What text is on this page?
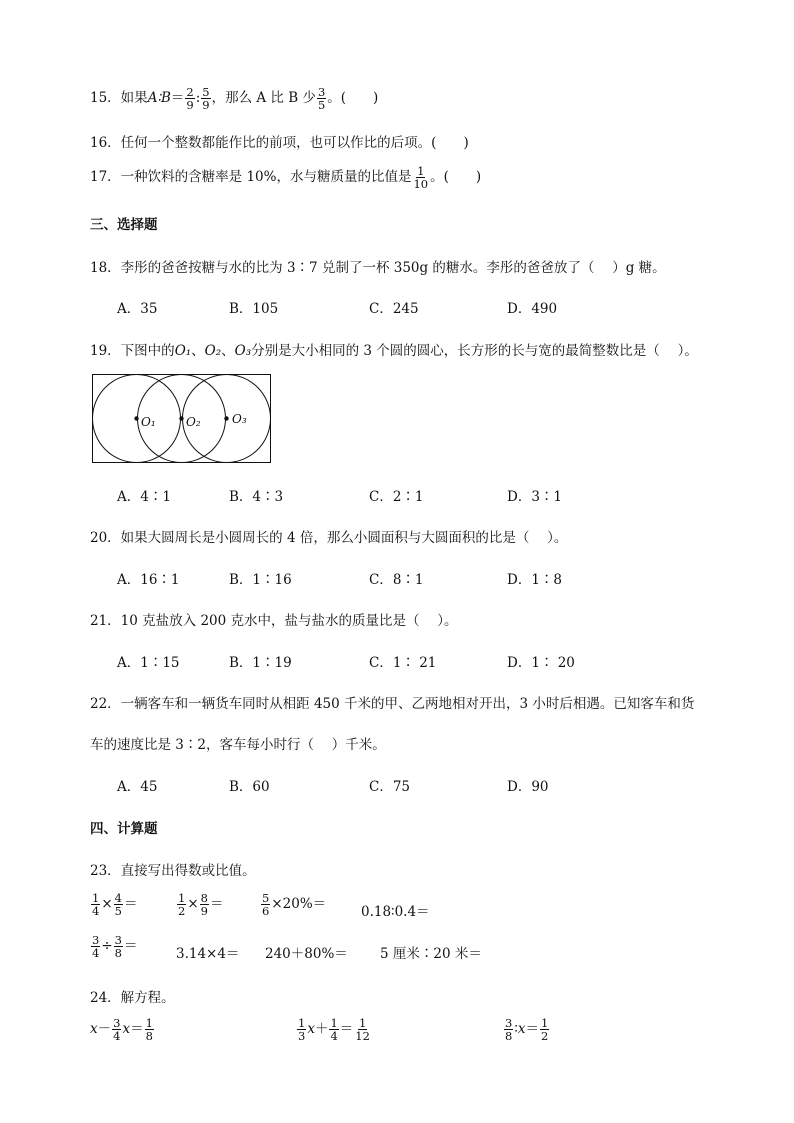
15．如果A∶B＝ $\frac{2}{9}$ : $\frac{5}{9}$ ，那么 A 比 B 少 $\frac{3}{5}$ 。(　　)
16．任何一个整数都能作比的前项，也可以作比的后项。(　　)
17．一种饮料的含糖率是 10%，水与糖质量的比值是 $\frac{1}{10}$ 。(　　)
三、选择题
18．李彤的爸爸按糖与水的比为 3∶7 兑制了一杯 350g 的糖水。李彤的爸爸放了（　 ）g 糖。
A．35	B．105	C．245	D．490
19．下图中的O₁、O₂、O₃分别是大小相同的 3 个圆的圆心，长方形的长与宽的最简整数比是（　 ）。
O₁	O₂	O₃
A．4∶1	B．4∶3	C．2∶1	D．3∶1
20．如果大圆周长是小圆周长的 4 倍，那么小圆面积与大圆面积的比是（　 ）。
A．16∶1	B．1∶16	C．8∶1	D．1∶8
21．10 克盐放入 200 克水中，盐与盐水的质量比是（　 ）。
A．1∶15	B．1∶19	C．1∶ 21	D．1∶ 20
22．一辆客车和一辆货车同时从相距 450 千米的甲、乙两地相对开出，3 小时后相遇。已知客车和货
车的速度比是 3∶2，客车每小时行（　 ）千米。
A．45	B．60	C．75	D．90
四、计算题
23．直接写出得数或比值。
$\frac{1}{4} \times \frac{4}{5}$ ＝	$\frac{1}{2} \times \frac{8}{9}$ ＝	$\frac{5}{6} \times 20\%=$	0.18∶0.4＝
$\frac{3}{4} \div \frac{3}{8}$ ＝	3.14×4＝ 240＋80%＝ 5 厘米∶20 米＝
24．解方程。
$x- \frac{3}{4} x= \frac{1}{8}$	$\frac{1}{3} x+ \frac{1}{4} = \frac{1}{12}$	$\frac{3}{8}$ ∶x＝ $\frac{1}{2}$
